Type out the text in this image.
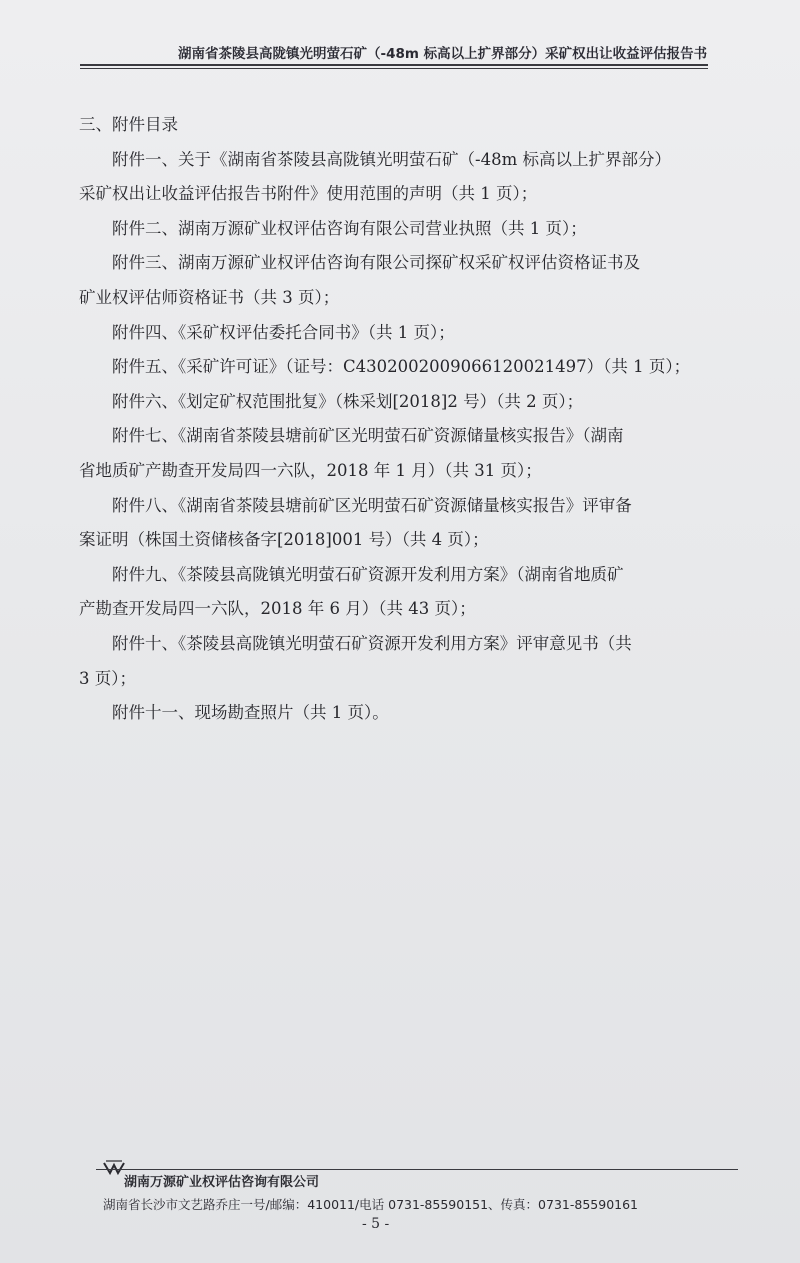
湖南省茶陵县高陇镇光明萤石矿（-48m 标高以上扩界部分）采矿权出让收益评估报告书
三、附件目录
附件一、关于《湖南省茶陵县高陇镇光明萤石矿（-48m 标高以上扩界部分）
采矿权出让收益评估报告书附件》使用范围的声明（共 1 页）；
附件二、湖南万源矿业权评估咨询有限公司营业执照（共 1 页）；
附件三、湖南万源矿业权评估咨询有限公司探矿权采矿权评估资格证书及
矿业权评估师资格证书（共 3 页）；
附件四、《采矿权评估委托合同书》（共 1 页）；
附件五、《采矿许可证》（证号：C4302002009066120021497）（共 1 页）；
附件六、《划定矿权范围批复》（株采划[2018]2 号）（共 2 页）；
附件七、《湖南省茶陵县塘前矿区光明萤石矿资源储量核实报告》（湖南
省地质矿产勘查开发局四一六队，2018 年 1 月）（共 31 页）；
附件八、《湖南省茶陵县塘前矿区光明萤石矿资源储量核实报告》评审备
案证明（株国土资储核备字[2018]001 号）（共 4 页）；
附件九、《茶陵县高陇镇光明萤石矿资源开发利用方案》（湖南省地质矿
产勘查开发局四一六队，2018 年 6 月）（共 43 页）；
附件十、《茶陵县高陇镇光明萤石矿资源开发利用方案》评审意见书（共
3 页）；
附件十一、现场勘查照片（共 1 页）。
湖南万源矿业权评估咨询有限公司
湖南省长沙市文艺路乔庄一号/邮编：410011/电话 0731-85590151、传真：0731-85590161
- 5 -
